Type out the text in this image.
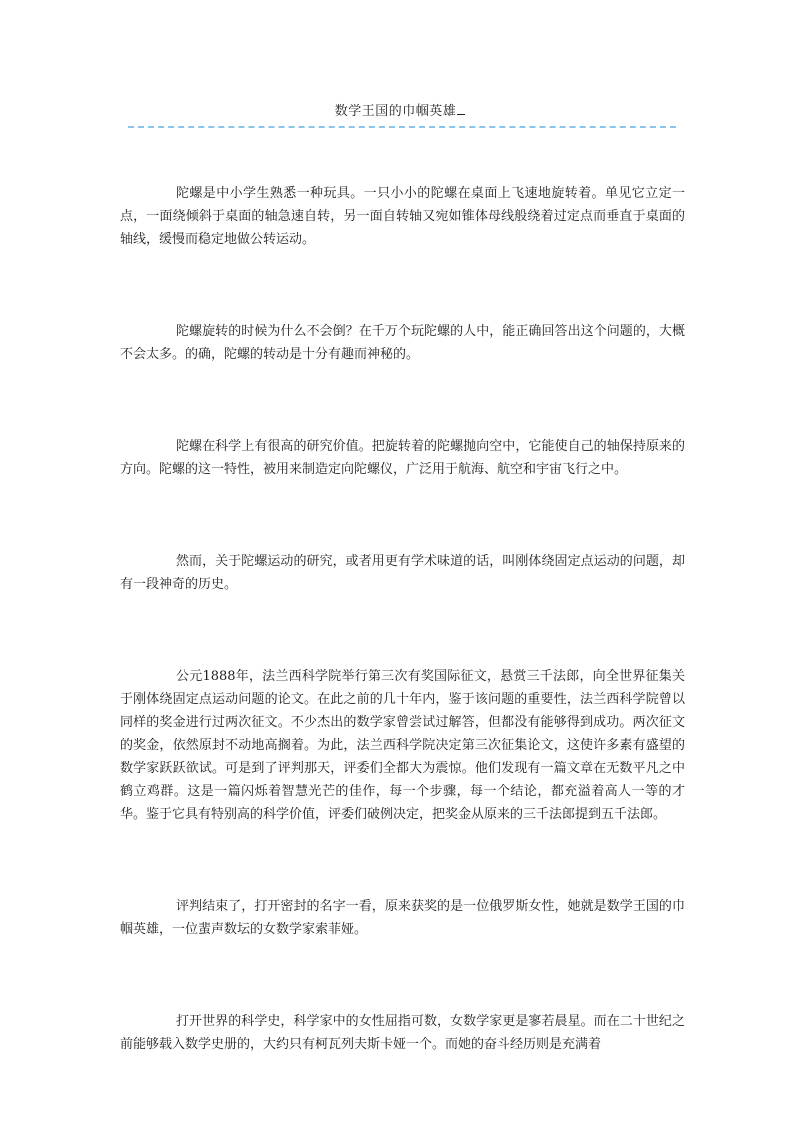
数学王国的巾帼英雄

陀螺是中小学生熟悉一种玩具。一只小小的陀螺在桌面上飞速地旋转着。单见它立定一点，一面绕倾斜于桌面的轴急速自转，另一面自转轴又宛如锥体母线般绕着过定点而垂直于桌面的轴线，缓慢而稳定地做公转运动。

陀螺旋转的时候为什么不会倒？在千万个玩陀螺的人中，能正确回答出这个问题的，大概不会太多。的确，陀螺的转动是十分有趣而神秘的。

陀螺在科学上有很高的研究价值。把旋转着的陀螺抛向空中，它能使自己的轴保持原来的方向。陀螺的这一特性，被用来制造定向陀螺仪，广泛用于航海、航空和宇宙飞行之中。

然而，关于陀螺运动的研究，或者用更有学术味道的话，叫刚体绕固定点运动的问题，却有一段神奇的历史。

公元1888年，法兰西科学院举行第三次有奖国际征文，悬赏三千法郎，向全世界征集关于刚体绕固定点运动问题的论文。在此之前的几十年内，鉴于该问题的重要性，法兰西科学院曾以同样的奖金进行过两次征文。不少杰出的数学家曾尝试过解答，但都没有能够得到成功。两次征文的奖金，依然原封不动地高搁着。为此，法兰西科学院决定第三次征集论文，这使许多素有盛望的数学家跃跃欲试。可是到了评判那天，评委们全都大为震惊。他们发现有一篇文章在无数平凡之中鹤立鸡群。这是一篇闪烁着智慧光芒的佳作，每一个步骤，每一个结论，都充溢着高人一等的才华。鉴于它具有特别高的科学价值，评委们破例决定，把奖金从原来的三千法郎提到五千法郎。

评判结束了，打开密封的名字一看，原来获奖的是一位俄罗斯女性，她就是数学王国的巾帼英雄，一位蜚声数坛的女数学家索菲娅。

打开世界的科学史，科学家中的女性屈指可数，女数学家更是寥若晨星。而在二十世纪之前能够载入数学史册的，大约只有柯瓦列夫斯卡娅一个。而她的奋斗经历则是充满着
